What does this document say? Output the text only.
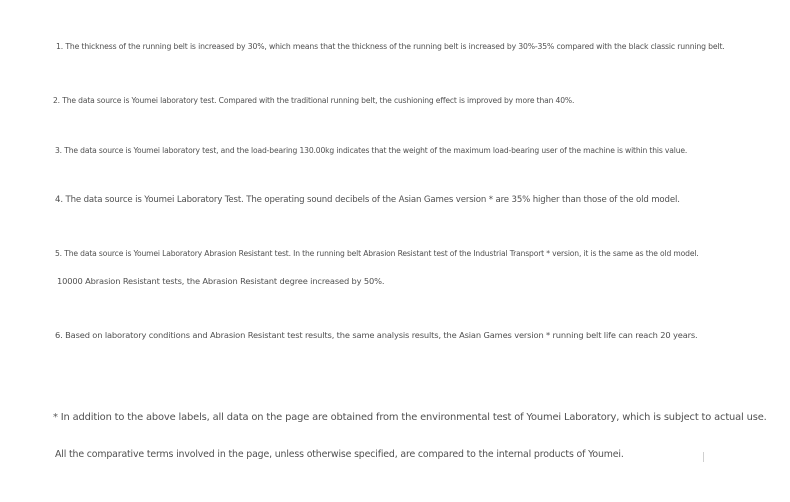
1. The thickness of the running belt is increased by 30%, which means that the thickness of the running belt is increased by 30%-35% compared with the black classic running belt.
2. The data source is Youmei laboratory test. Compared with the traditional running belt, the cushioning effect is improved by more than 40%.
3. The data source is Youmei laboratory test, and the load-bearing 130.00kg indicates that the weight of the maximum load-bearing user of the machine is within this value.
4. The data source is Youmei Laboratory Test. The operating sound decibels of the Asian Games version * are 35% higher than those of the old model.
5. The data source is Youmei Laboratory Abrasion Resistant test. In the running belt Abrasion Resistant test of the Industrial Transport * version, it is the same as the old model.
10000 Abrasion Resistant tests, the Abrasion Resistant degree increased by 50%.
6. Based on laboratory conditions and Abrasion Resistant test results, the same analysis results, the Asian Games version * running belt life can reach 20 years.
* In addition to the above labels, all data on the page are obtained from the environmental test of Youmei Laboratory, which is subject to actual use.
All the comparative terms involved in the page, unless otherwise specified, are compared to the internal products of Youmei.
